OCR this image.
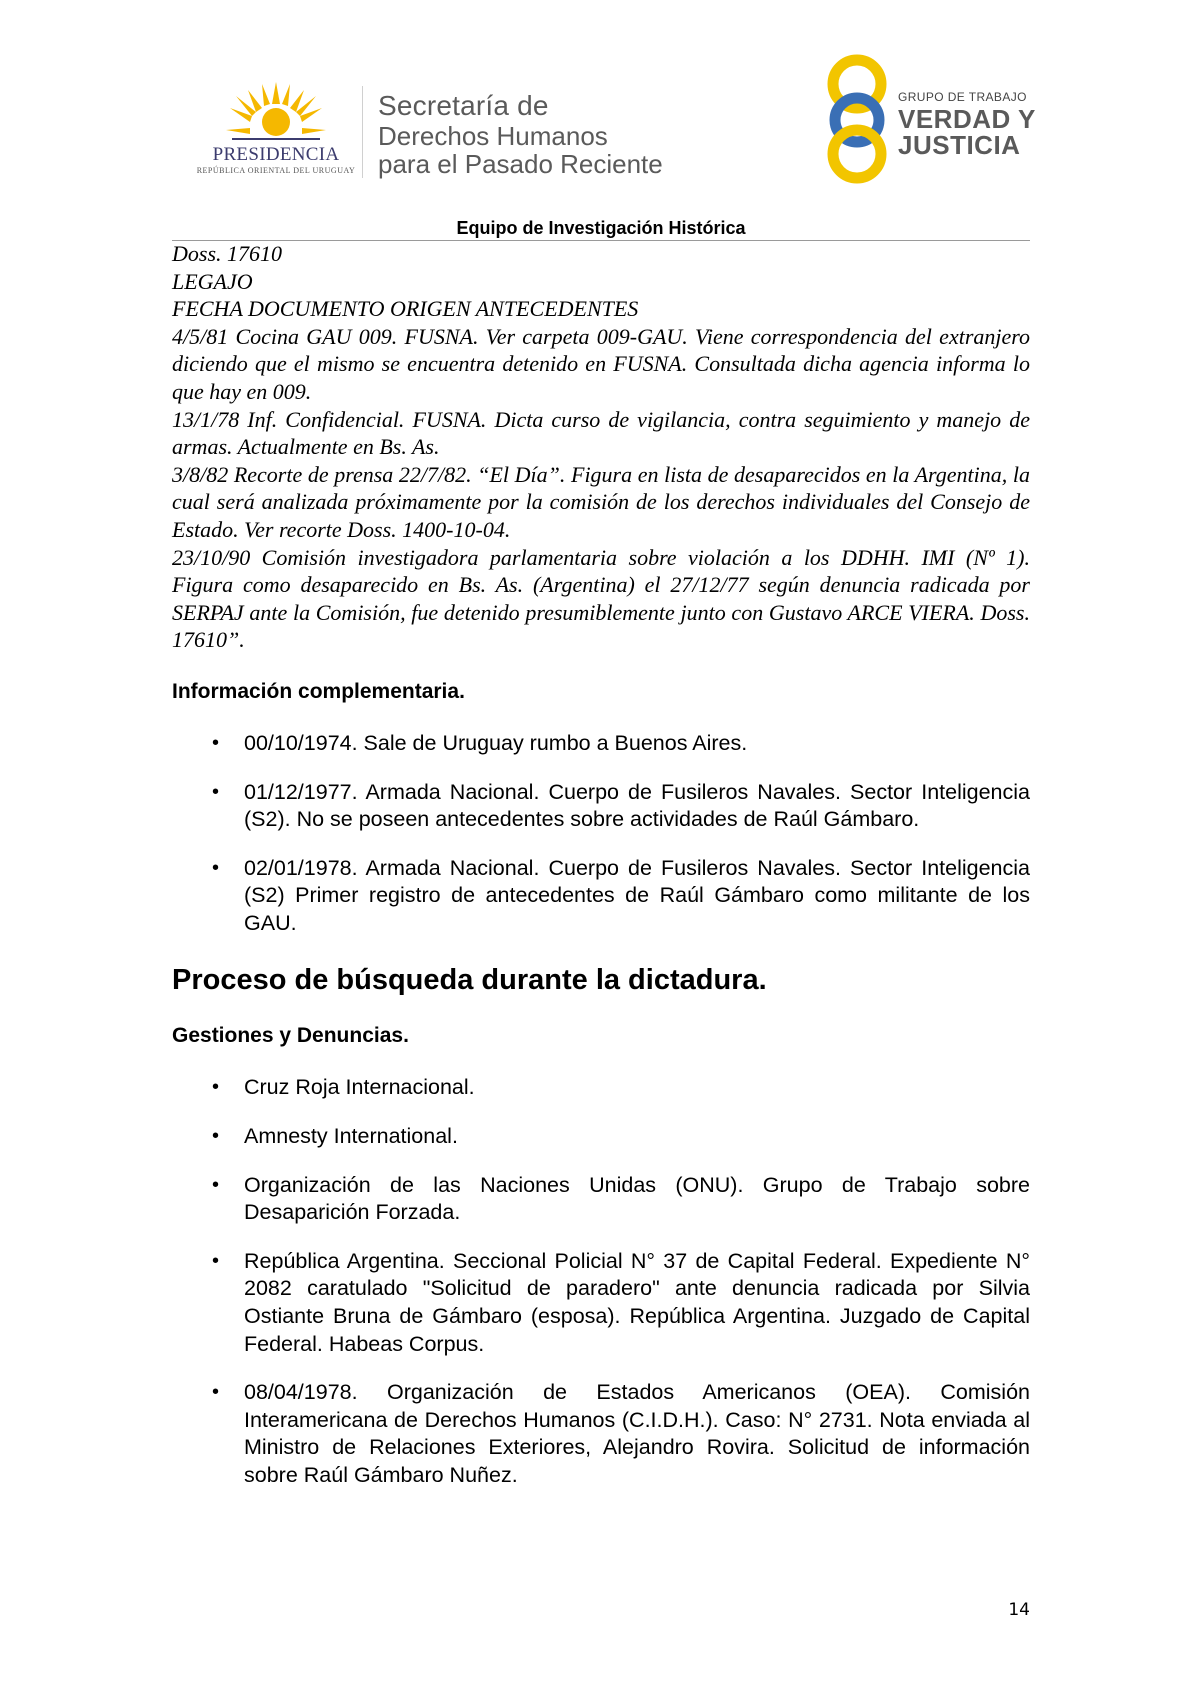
PRESIDENCIA
REPÚBLICA ORIENTAL DEL URUGUAY
Secretaría de
Derechos Humanos
para el Pasado Reciente
GRUPO DE TRABAJO
VERDAD Y
JUSTICIA
Equipo de Investigación Histórica

Doss. 17610

LEGAJO

FECHA DOCUMENTO ORIGEN ANTECEDENTES

4/5/81 Cocina GAU 009. FUSNA. Ver carpeta 009-GAU. Viene correspondencia del extranjero diciendo que el mismo se encuentra detenido en FUSNA. Consultada dicha agencia informa lo que hay en 009.

13/1/78 Inf. Confidencial. FUSNA. Dicta curso de vigilancia, contra seguimiento y manejo de armas. Actualmente en Bs. As.

3/8/82 Recorte de prensa 22/7/82. “El Día”. Figura en lista de desaparecidos en la Argentina, la cual será analizada próximamente por la comisión de los derechos individuales del Consejo de Estado. Ver recorte Doss. 1400-10-04.

23/10/90 Comisión investigadora parlamentaria sobre violación a los DDHH. IMI (Nº 1). Figura como desaparecido en Bs. As. (Argentina) el 27/12/77 según denuncia radicada por SERPAJ ante la Comisión, fue detenido presumiblemente junto con Gustavo ARCE VIERA. Doss. 17610”.

Información complementaria.
• 00/10/1974. Sale de Uruguay rumbo a Buenos Aires.
• 01/12/1977. Armada Nacional. Cuerpo de Fusileros Navales. Sector Inteligencia (S2). No se poseen antecedentes sobre actividades de Raúl Gámbaro.
• 02/01/1978. Armada Nacional. Cuerpo de Fusileros Navales. Sector Inteligencia (S2) Primer registro de antecedentes de Raúl Gámbaro como militante de los GAU.
Proceso de búsqueda durante la dictadura.
Gestiones y Denuncias.
• Cruz Roja Internacional.
• Amnesty International.
• Organización de las Naciones Unidas (ONU). Grupo de Trabajo sobre Desaparición Forzada.
• República Argentina. Seccional Policial N° 37 de Capital Federal. Expediente N° 2082 caratulado "Solicitud de paradero" ante denuncia radicada por Silvia Ostiante Bruna de Gámbaro (esposa). República Argentina. Juzgado de Capital Federal. Habeas Corpus.
• 08/04/1978. Organización de Estados Americanos (OEA). Comisión Interamericana de Derechos Humanos (C.I.D.H.). Caso: N° 2731. Nota enviada al Ministro de Relaciones Exteriores, Alejandro Rovira. Solicitud de información sobre Raúl Gámbaro Nuñez.
14
